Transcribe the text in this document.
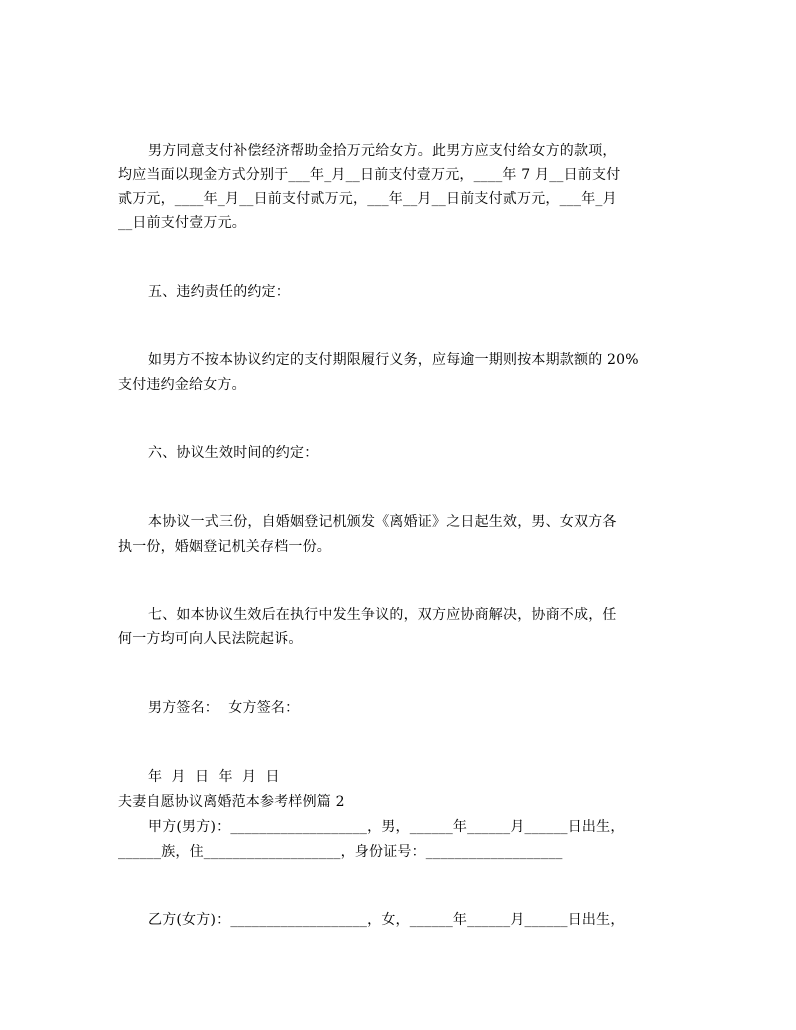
男方同意支付补偿经济帮助金拾万元给女方。此男方应支付给女方的款项，
均应当面以现金方式分别于___年_月__日前支付壹万元，____年 7 月__日前支付
贰万元，____年_月__日前支付贰万元，___年__月__日前支付贰万元，___年_月
__日前支付壹万元。
五、违约责任的约定：
如男方不按本协议约定的支付期限履行义务，应每逾一期则按本期款额的 20%
支付违约金给女方。
六、协议生效时间的约定：
本协议一式三份，自婚姻登记机颁发《离婚证》之日起生效，男、女双方各
执一份，婚姻登记机关存档一份。
七、如本协议生效后在执行中发生争议的，双方应协商解决，协商不成，任
何一方均可向人民法院起诉。
男方签名：  女方签名：
年  月  日  年  月  日
夫妻自愿协议离婚范本参考样例篇 2
甲方(男方)：___________________，男，______年______月______日出生，
______族，住___________________，身份证号：___________________
乙方(女方)：___________________，女，______年______月______日出生，
